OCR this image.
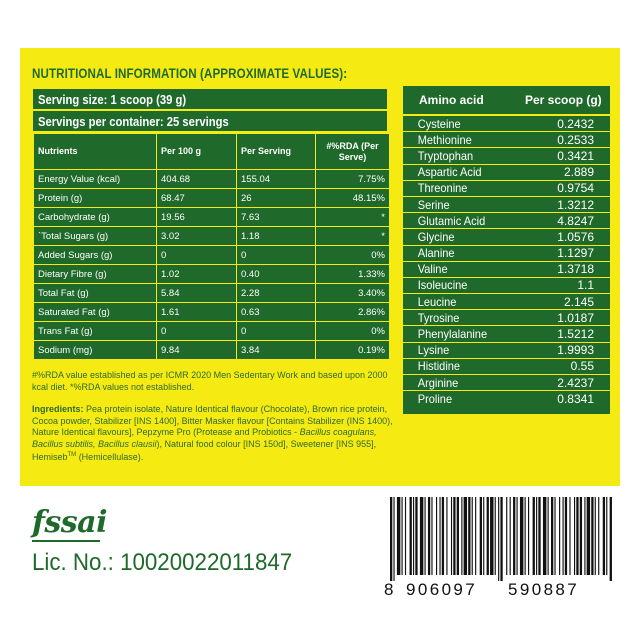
NUTRITIONAL INFORMATION (APPROXIMATE VALUES):
Serving size: 1 scoop (39 g)
Servings per container: 25 servings
Nutrients	Per 100 g	Per Serving	#%RDA (Per Serve)
Energy Value (kcal)	404.68	155.04	7.75%
Protein (g)	68.47	26	48.15%
Carbohydrate (g)	19.56	7.63	*
`Total Sugars (g)	3.02	1.18	*
Added Sugars (g)	0	0	0%
Dietary Fibre (g)	1.02	0.40	1.33%
Total Fat (g)	5.84	2.28	3.40%
Saturated Fat (g)	1.61	0.63	2.86%
Trans Fat (g)	0	0	0%
Sodium (mg)	9.84	3.84	0.19%
#%RDA value established as per ICMR 2020 Men Sedentary Work and based upon 2000 kcal diet. *%RDA values not established.
Ingredients: Pea protein isolate, Nature Identical flavour (Chocolate), Brown rice protein, Cocoa powder, Stabilizer [INS 1400], Bitter Masker flavour [Contains Stabilizer (INS 1400), Nature Identical flavours], Pepzyme Pro (Protease and Probiotics - Bacillus coagulans, Bacillus subtilis, Bacillus clausii), Natural food colour [INS 150d], Sweetener [INS 955], Hemiseb™ (Hemicellulase).
Amino acid	Per scoop (g)
Cysteine	0.2432
Methionine	0.2533
Tryptophan	0.3421
Aspartic Acid	2.889
Threonine	0.9754
Serine	1.3212
Glutamic Acid	4.8247
Glycine	1.0576
Alanine	1.1297
Valine	1.3718
Isoleucine	1.1
Leucine	2.145
Tyrosine	1.0187
Phenylalanine	1.5212
Lysine	1.9993
Histidine	0.55
Arginine	2.4237
Proline	0.8341
fssai
Lic. No.: 10020022011847
8 906097 590887
